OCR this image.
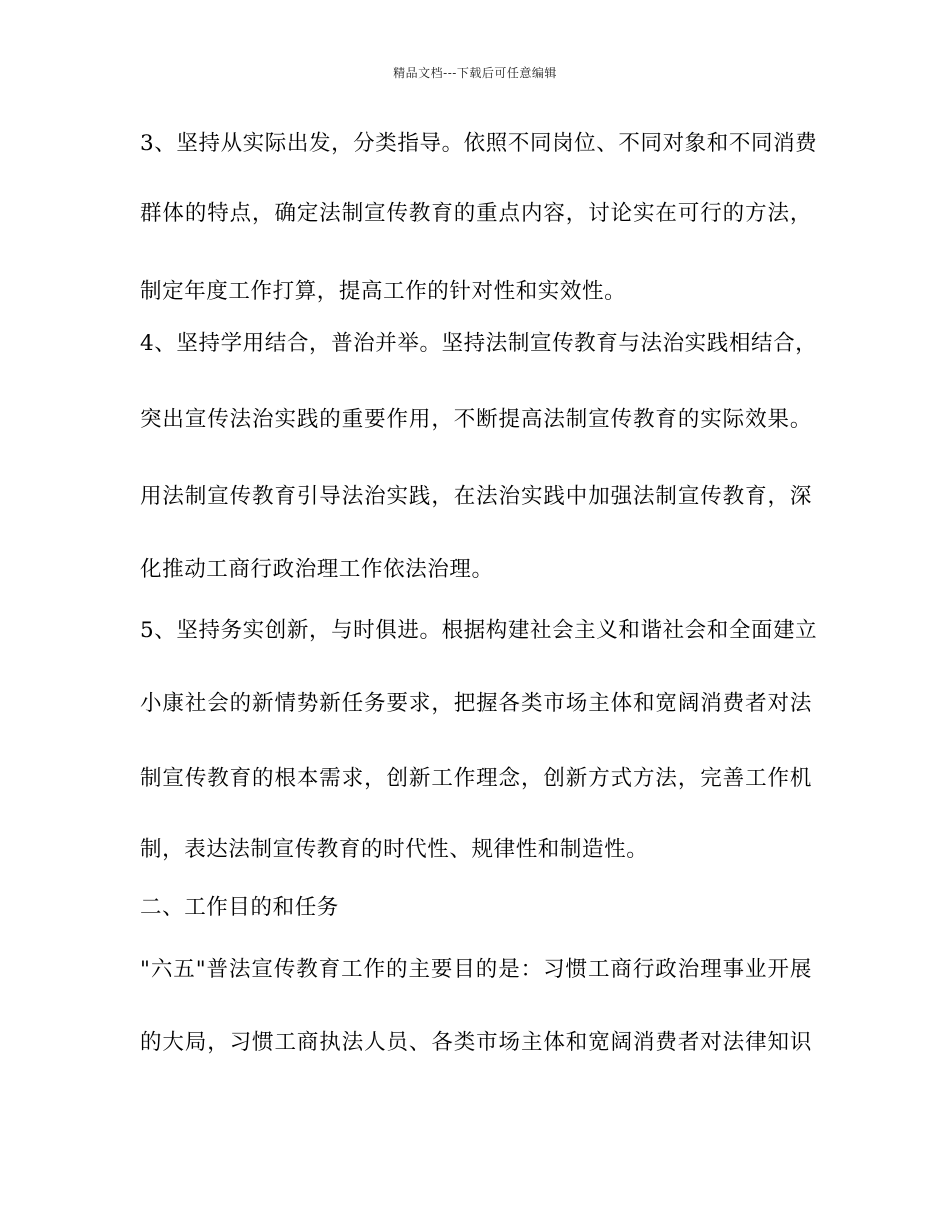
精品文档---下载后可任意编辑
3、坚持从实际出发，分类指导。依照不同岗位、不同对象和不同消费
群体的特点，确定法制宣传教育的重点内容，讨论实在可行的方法，
制定年度工作打算，提高工作的针对性和实效性。
4、坚持学用结合，普治并举。坚持法制宣传教育与法治实践相结合，
突出宣传法治实践的重要作用，不断提高法制宣传教育的实际效果。
用法制宣传教育引导法治实践，在法治实践中加强法制宣传教育，深
化推动工商行政治理工作依法治理。
5、坚持务实创新，与时俱进。根据构建社会主义和谐社会和全面建立
小康社会的新情势新任务要求，把握各类市场主体和宽阔消费者对法
制宣传教育的根本需求，创新工作理念，创新方式方法，完善工作机
制，表达法制宣传教育的时代性、规律性和制造性。
二、工作目的和任务
"六五"普法宣传教育工作的主要目的是：习惯工商行政治理事业开展
的大局，习惯工商执法人员、各类市场主体和宽阔消费者对法律知识
